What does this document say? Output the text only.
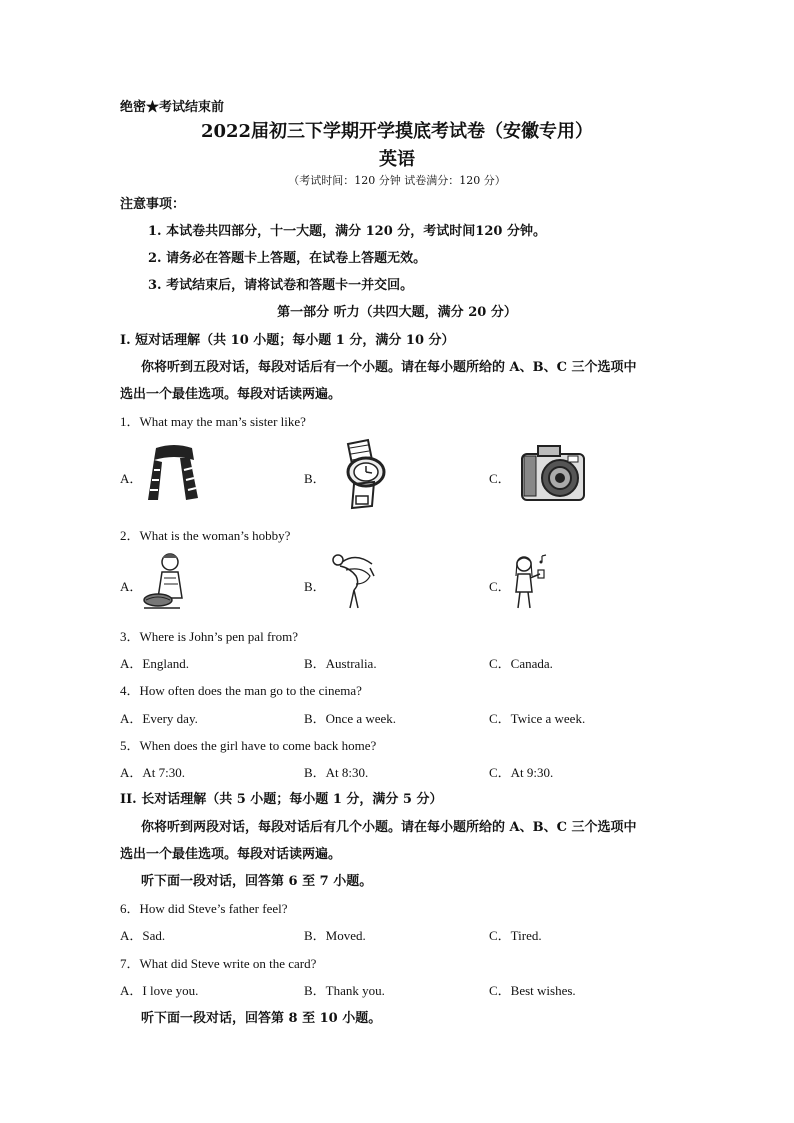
绝密★考试结束前
2022届初三下学期开学摸底考试卷（安徽专用）
英语
（考试时间：120 分钟 试卷满分：120 分）
注意事项：
1. 本试卷共四部分，十一大题，满分 120 分，考试时间120 分钟。
2. 请务必在答题卡上答题，在试卷上答题无效。
3. 考试结束后，请将试卷和答题卡一并交回。
第一部分 听力（共四大题，满分 20 分）
I. 短对话理解（共 10 小题；每小题 1 分，满分 10 分）
你将听到五段对话，每段对话后有一个小题。请在每小题所给的 A、B、C 三个选项中
选出一个最佳选项。每段对话读两遍。
1．What may the man’s sister like?
A．	B．	C．
2．What is the woman’s hobby?
A．	B．	C．
3．Where is John’s pen pal from?
A．England.	B．Australia.	C．Canada.
4．How often does the man go to the cinema?
A．Every day.	B．Once a week.	C．Twice a week.
5．When does the girl have to come back home?
A．At 7:30.	B．At 8:30.	C．At 9:30.
II. 长对话理解（共 5 小题；每小题 1 分，满分 5 分）
你将听到两段对话，每段对话后有几个小题。请在每小题所给的 A、B、C 三个选项中
选出一个最佳选项。每段对话读两遍。
听下面一段对话，回答第 6 至 7 小题。
6．How did Steve’s father feel?
A．Sad.	B．Moved.	C．Tired.
7．What did Steve write on the card?
A．I love you.	B．Thank you.	C．Best wishes.
听下面一段对话，回答第 8 至 10 小题。
